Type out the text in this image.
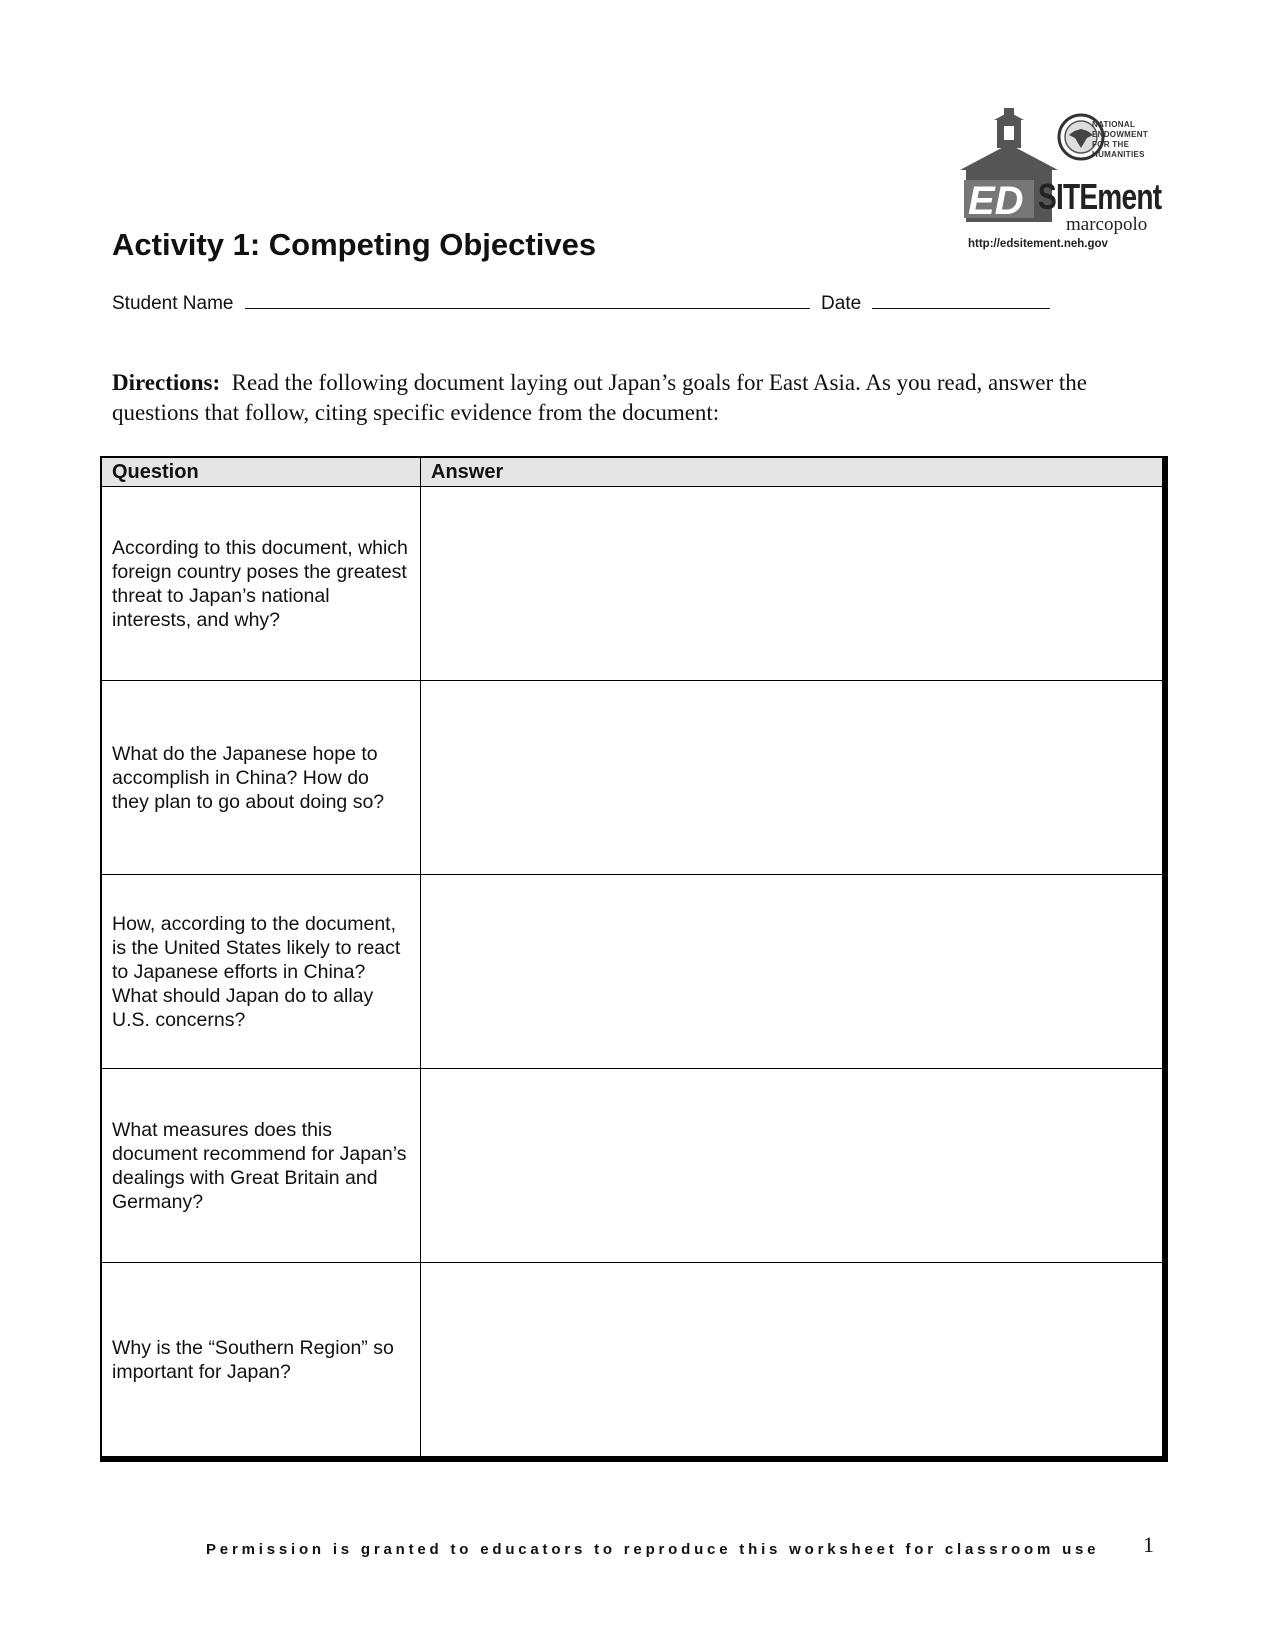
ED
NATIONAL
ENDOWMENT
FOR THE
HUMANITIES
SITEment
marcopolo
http://edsitement.neh.gov
Activity 1: Competing Objectives
Student Name	Date
Directions: Read the following document laying out Japan’s goals for East Asia. As you read, answer the questions that follow, citing specific evidence from the document:
Question	Answer

According to this document, which foreign country poses the greatest threat to Japan’s national interests, and why?	

What do the Japanese hope to accomplish in China? How do they plan to go about doing so?	

How, according to the document, is the United States likely to react to Japanese efforts in China? What should Japan do to allay U.S. concerns?	

What measures does this document recommend for Japan’s dealings with Great Britain and Germany?	

Why is the “Southern Region” so important for Japan?	

Permission is granted to educators to reproduce this worksheet for classroom use 1
